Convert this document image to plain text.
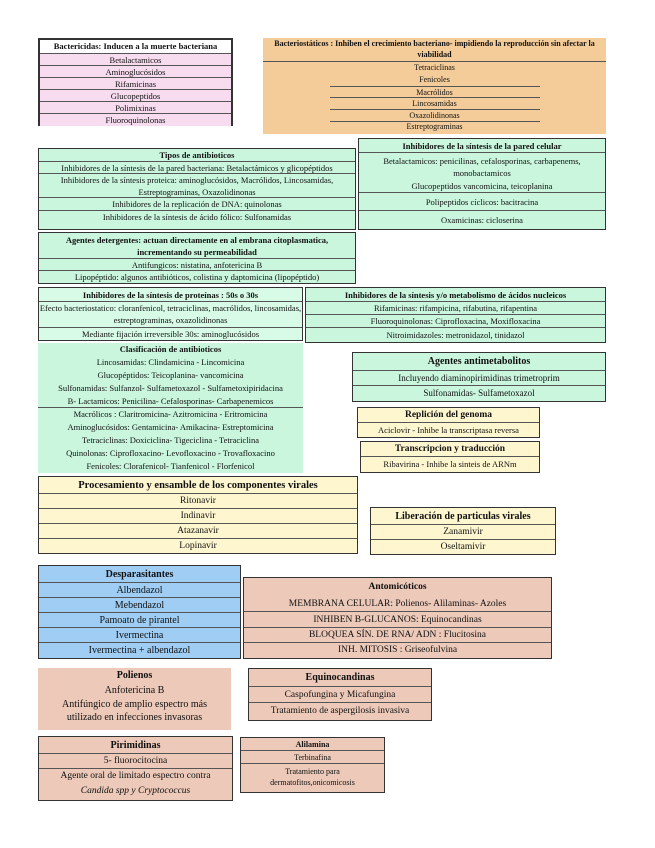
Bactericidas: Inducen a la muerte bacteriana
Betalactamicos
Aminoglucósidos
Rifamicinas
Glucopeptidos
Polimixinas
Fluoroquinolonas
Bacteriostáticos : Inhiben el crecimiento bacteriano- impidiendo la reproducción sin afectar la viabilidad
Tetraciclinas
Fenicoles
Macrólidos
Lincosamidas
Oxazolidinonas
Estreptograminas
Tipos de antibioticos
Inhibidores de la síntesis de la pared bacteriana: Betalactámicos y glicopéptidos
Inhibidores de la síntesis proteica: aminoglucósidos, Macrólidos, Lincosamidas, Estreptograminas, Oxazolidinonas
Inhibidores de la replicación de DNA: quinolonas
Inhibidores de la síntesis de ácido fólico: Sulfonamidas
Inhibidores de la síntesis de la pared celular
Betalactamicos: penicilinas, cefalosporinas, carbapenems, monobactamicos
Glucopeptidos vancomicina, teicoplanina
Polipeptidos cíclicos: bacitracina
Oxamicinas: cicloserina
Agentes detergentes: actuan directamente en al embrana citoplasmatica, incrementando su permeabilidad
Antifungicos: nistatina, anfotericina B
Lipopéptido: algunos antibióticos, colistina y daptomicina (lipopéptido)
Inhibidores de la síntesis de proteínas : 50s o 30s
Efecto bacteriostatico: cloranfenicol, tetraciclinas, macrólidos, lincosamidas, estreptograminas, oxazolidinonas
Mediante fijación irreversible 30s: aminoglucósidos
Clasificación de antibioticos
Lincosamidas: Clindamicina - Lincomicina
Glucopéptidos: Teicoplanina- vancomicina
Sulfonamidas: Sulfanzol- Sulfametoxazol - Sulfametoxipiridacina
B- Lactamicos: Penicilina- Cefalosporinas- Carbapenemicos
Macrólicos : Claritromicina- Azitromicina - Eritromicina
Aminoglucósidos: Gentamicina- Amikacina- Estreptomicina
Tetraciclinas: Doxiciclina- Tigeciclina - Tetraciclina
Quinolonas: Ciprofloxacino- Levofloxacino - Trovafloxacino
Fenicoles: Clorafenicol- Tianfenicol - Florfenicol
Inhibidores de la síntesis y/o metabolismo de ácidos nucleicos
Rifamicinas: rifampicina, rifabutina, rifapentina
Fluoroquinolonas: Ciprofloxacina, Moxifloxacina
Nitroimidazoles: metronidazol, tinidazol
Agentes antimetabolitos
Incluyendo diaminopirimidinas trimetroprim
Sulfonamidas- Sulfametoxazol
Replición del genoma
Aciclovir - Inhibe la transcriptasa reversa
Transcripcion y traducción
Ribavirina - Inhibe la sinteis de ARNm
Procesamiento y ensamble de los componentes virales
Ritonavir
Indinavir
Atazanavir
Lopinavir
Liberación de particulas virales
Zanamivir
Oseltamivir
Desparasitantes
Albendazol
Mebendazol
Pamoato de pirantel
Ivermectina
Ivermectina + albendazol
Antomicóticos
MEMBRANA CELULAR: Polienos- Alilaminas- Azoles
INHIBEN B-GLUCANOS: Equinocandinas
BLOQUEA SÍN. DE RNA/ ADN : Flucitosina
INH. MITOSIS : Griseofulvina
Polienos
Anfotericina B
Antifúngico de amplio espectro más utilizado en infecciones invasoras
Equinocandinas
Caspofungina y Micafungina
Tratamiento de aspergilosis invasiva
Pirimidinas
5- fluorocitocina
Agente oral de limitado espectro contra
Candida spp y Cryptococcus
Alilamina
Terbinafina
Tratamiento para dermatofitos,onicomicosis
